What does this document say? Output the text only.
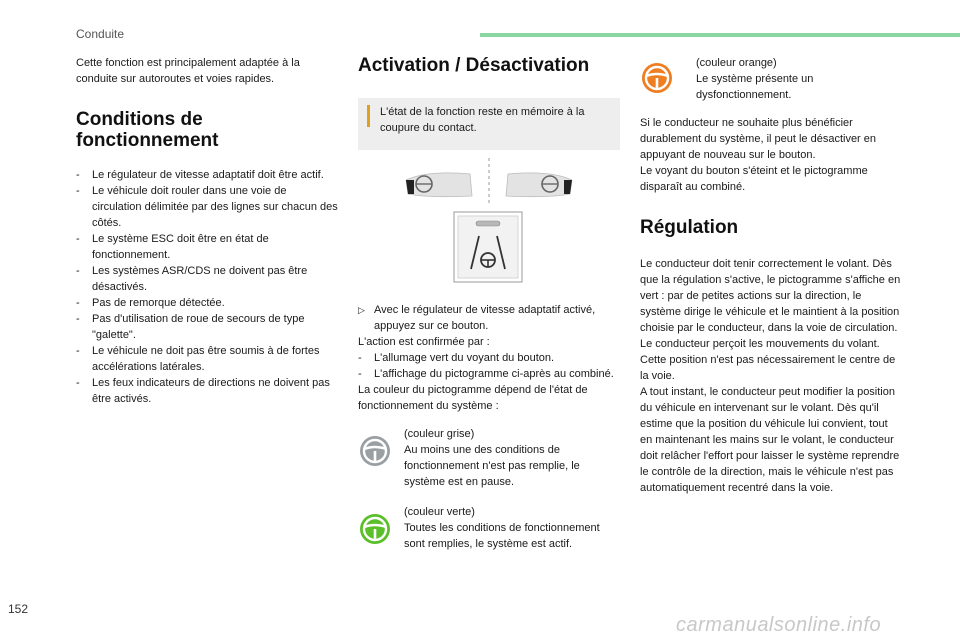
Conduite

Cette fonction est principalement adaptée à la conduite sur autoroutes et voies rapides.

Conditions de
fonctionnement
- Le régulateur de vitesse adaptatif doit être actif.
- Le véhicule doit rouler dans une voie de circulation délimitée par des lignes sur chacun des côtés.
- Le système ESC doit être en état de fonctionnement.
- Les systèmes ASR/CDS ne doivent pas être désactivés.
- Pas de remorque détectée.
- Pas d'utilisation de roue de secours de type "galette".
- Le véhicule ne doit pas être soumis à de fortes accélérations latérales.
- Les feux indicateurs de directions ne doivent pas être activés.
Activation / Désactivation

L'état de la fonction reste en mémoire à la coupure du contact.

▷ Avec le régulateur de vitesse adaptatif activé, appuyez sur ce bouton.

L'action est confirmée par :

- L'allumage vert du voyant du bouton.
- L'affichage du pictogramme ci-après au combiné.

La couleur du pictogramme dépend de l'état de fonctionnement du système :

(couleur grise)

Au moins une des conditions de fonctionnement n'est pas remplie, le système est en pause.

(couleur verte)

Toutes les conditions de fonctionnement sont remplies, le système est actif.

(couleur orange)

Le système présente un dysfonctionnement.

Si le conducteur ne souhaite plus bénéficier durablement du système, il peut le désactiver en appuyant de nouveau sur le bouton.

Le voyant du bouton s'éteint et le pictogramme disparaît au combiné.

Régulation

Le conducteur doit tenir correctement le volant. Dès que la régulation s'active, le pictogramme s'affiche en vert : par de petites actions sur la direction, le système dirige le véhicule et le maintient à la position choisie par le conducteur, dans la voie de circulation.

Le conducteur perçoit les mouvements du volant.

Cette position n'est pas nécessairement le centre de la voie.

A tout instant, le conducteur peut modifier la position du véhicule en intervenant sur le volant. Dès qu'il estime que la position du véhicule lui convient, tout en maintenant les mains sur le volant, le conducteur doit relâcher l'effort pour laisser le système reprendre le contrôle de la direction, mais le véhicule n'est pas automatiquement recentré dans la voie.

152
carmanualsonline.info
